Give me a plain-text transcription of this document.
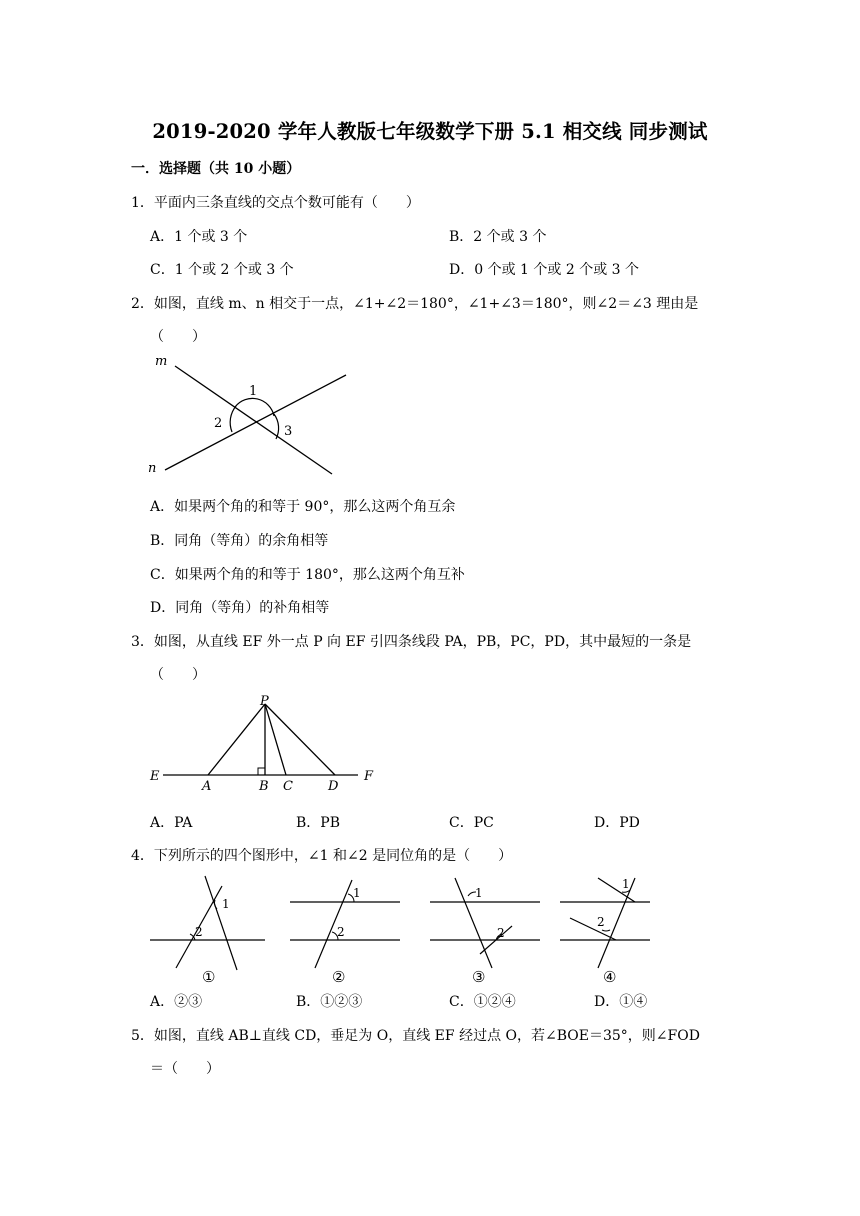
2019-2020 学年人教版七年级数学下册 5.1 相交线 同步测试
一．选择题（共 10 小题）
1．平面内三条直线的交点个数可能有（　　）
A．1 个或 3 个	B．2 个或 3 个
C．1 个或 2 个或 3 个	D．0 个或 1 个或 2 个或 3 个
2．如图，直线 m、n 相交于一点，∠1+∠2＝180°，∠1+∠3＝180°，则∠2＝∠3 理由是
（　　）
m
n
1
2
3
A．如果两个角的和等于 90°，那么这两个角互余
B．同角（等角）的余角相等
C．如果两个角的和等于 180°，那么这两个角互补
D．同角（等角）的补角相等
3．如图，从直线 EF 外一点 P 向 EF 引四条线段 PA，PB，PC，PD，其中最短的一条是
（　　）
P
E	F
A	B C	D
A．PA	B．PB	C．PC	D．PD
4．下列所示的四个图形中，∠1 和∠2 是同位角的是（　　）
1
2
①
1
2
②
1
2
③
1
2
④
A．②③	B．①②③	C．①②④	D．①④
5．如图，直线 AB⊥直线 CD，垂足为 O，直线 EF 经过点 O，若∠BOE＝35°，则∠FOD
＝（　　）
